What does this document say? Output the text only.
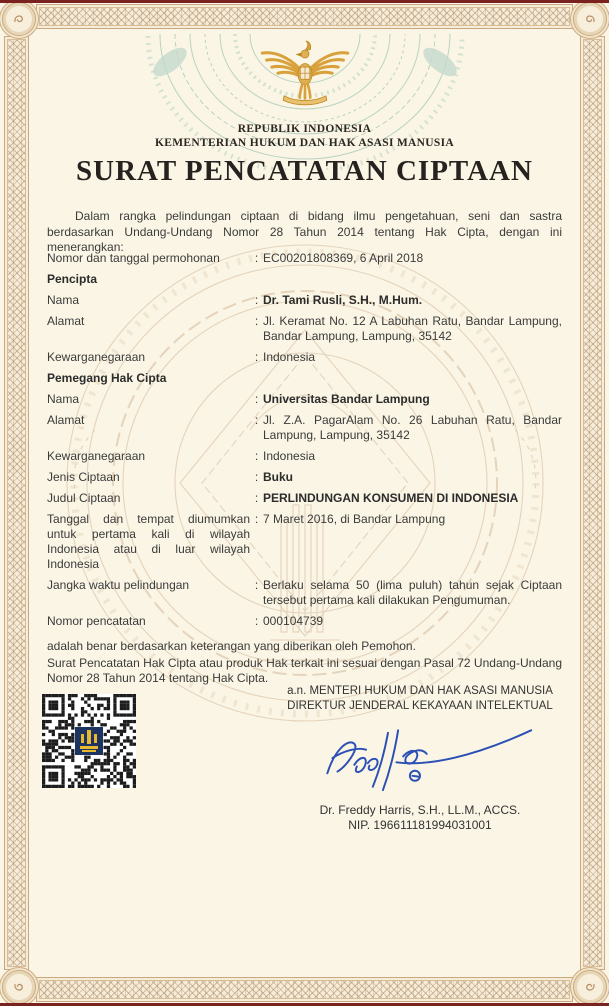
REPUBLIK INDONESIA
KEMENTERIAN HUKUM DAN HAK ASASI MANUSIA
SURAT PENCATATAN CIPTAAN
Dalam rangka pelindungan ciptaan di bidang ilmu pengetahuan, seni dan sastra berdasarkan Undang-Undang Nomor 28 Tahun 2014 tentang Hak Cipta, dengan ini menerangkan:
Nomor dan tanggal permohonan	: EC00201808369, 6 April 2018
Pencipta
Nama	: Dr. Tami Rusli, S.H., M.Hum.
Alamat	: Jl. Keramat No. 12 A Labuhan Ratu, Bandar Lampung, Bandar Lampung, Lampung, 35142
Kewarganegaraan	: Indonesia
Pemegang Hak Cipta
Nama	: Universitas Bandar Lampung
Alamat	: Jl. Z.A. PagarAlam No. 26 Labuhan Ratu, Bandar Lampung, Lampung, 35142
Kewarganegaraan	: Indonesia
Jenis Ciptaan	: Buku
Judul Ciptaan	: PERLINDUNGAN KONSUMEN DI INDONESIA
Tanggal dan tempat diumumkan untuk pertama kali di wilayah Indonesia atau di luar wilayah Indonesia
: 7 Maret 2016, di Bandar Lampung
Jangka waktu pelindungan	: Berlaku selama 50 (lima puluh) tahun sejak Ciptaan tersebut pertama kali dilakukan Pengumuman.
Nomor pencatatan	: 000104739
adalah benar berdasarkan keterangan yang diberikan oleh Pemohon.
Surat Pencatatan Hak Cipta atau produk Hak terkait ini sesuai dengan Pasal 72 Undang-Undang Nomor 28 Tahun 2014 tentang Hak Cipta.
a.n. MENTERI HUKUM DAN HAK ASASI MANUSIA
DIREKTUR JENDERAL KEKAYAAN INTELEKTUAL
Dr. Freddy Harris, S.H., LL.M., ACCS.
NIP. 196611181994031001
